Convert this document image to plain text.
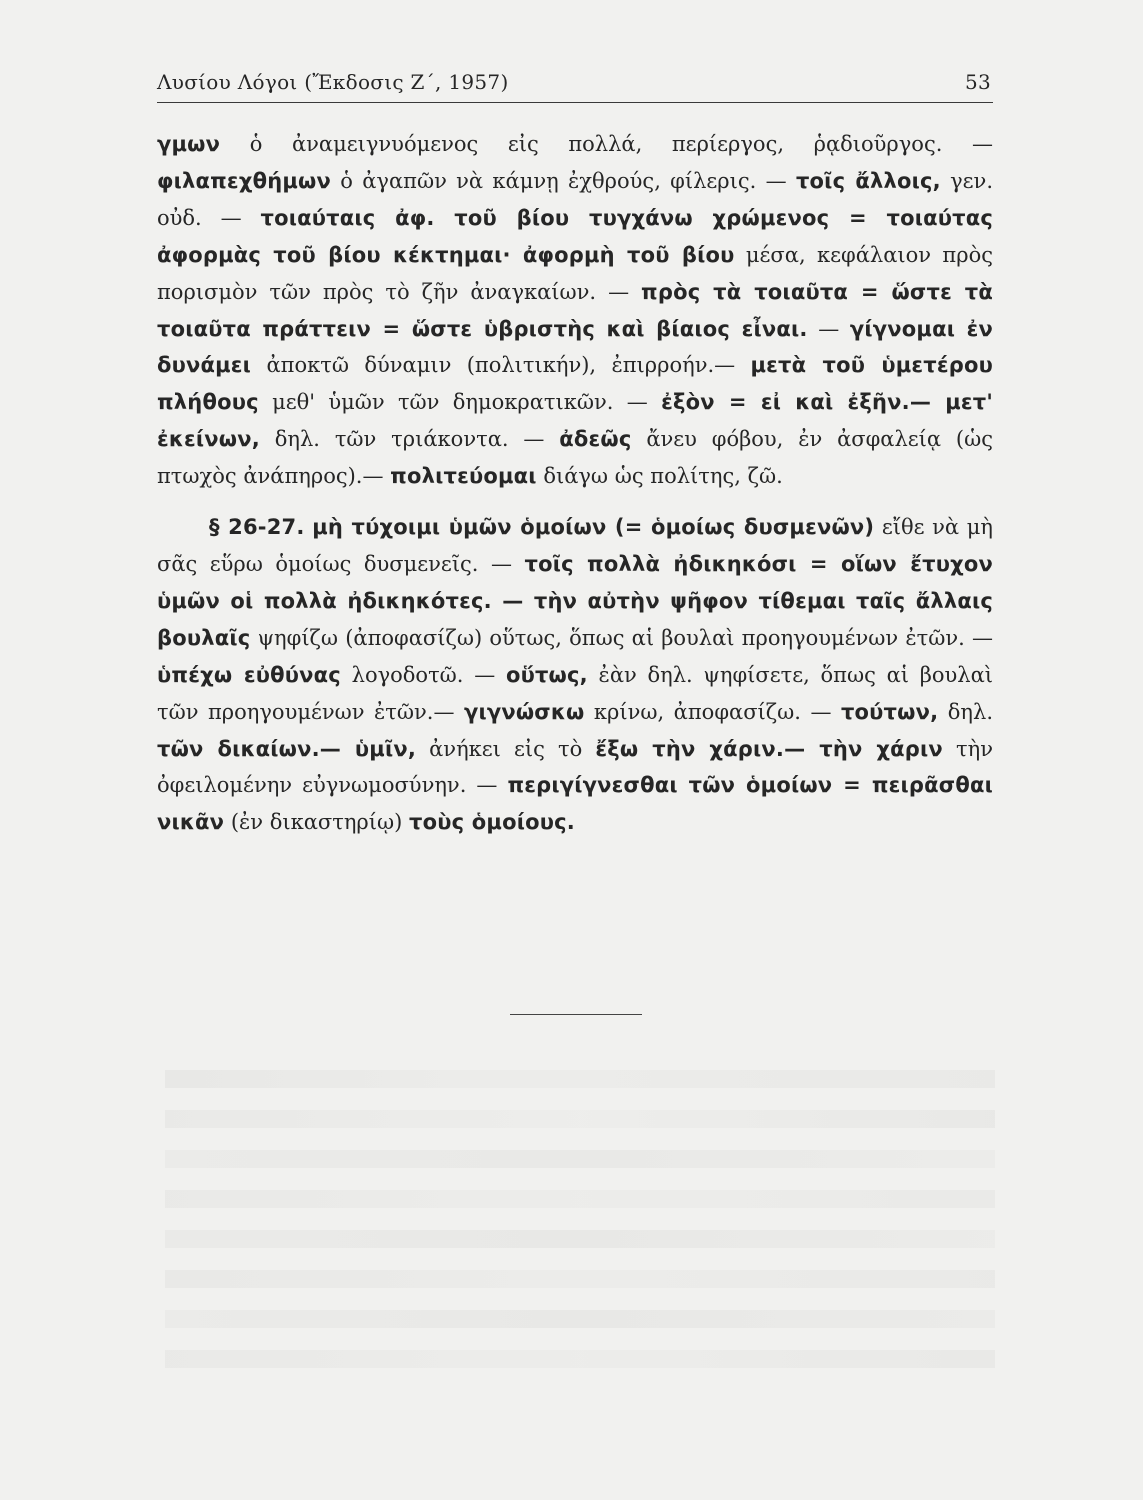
Λυσίου Λόγοι (Ἔκδοσις Ζ΄, 1957)	53

γμων ὁ ἀναμειγνυόμενος εἰς πολλά, περίεργος, ῥᾳδιοῦργος. — φιλαπεχθήμων ὁ ἀγαπῶν νὰ κάμνῃ ἐχθρούς, φίλερις. — τοῖς ἄλλοις, γεν. οὐδ. — τοιαύταις ἀφ. τοῦ βίου τυγχάνω χρώμενος = τοιαύτας ἀφορμὰς τοῦ βίου κέκτημαι· ἀφορμὴ τοῦ βίου μέσα, κεφάλαιον πρὸς πορισμὸν τῶν πρὸς τὸ ζῆν ἀναγκαίων. — πρὸς τὰ τοιαῦτα = ὥστε τὰ τοιαῦτα πράττειν = ὥστε ὑβριστὴς καὶ βίαιος εἶναι. — γίγνομαι ἐν δυνάμει ἀποκτῶ δύναμιν (πολιτικήν), ἐπιρροήν.— μετὰ τοῦ ὑμετέρου πλήθους μεθ' ὑμῶν τῶν δημοκρατικῶν. — ἐξὸν = εἰ καὶ ἐξῆν.— μετ' ἐκείνων, δηλ. τῶν τριάκοντα. — ἀδεῶς ἄνευ φόβου, ἐν ἀσφαλείᾳ (ὡς πτωχὸς ἀνάπηρος).— πολιτεύομαι διάγω ὡς πολίτης, ζῶ.

§ 26-27. μὴ τύχοιμι ὑμῶν ὁμοίων (= ὁμοίως δυσμενῶν) εἴθε νὰ μὴ σᾶς εὕρω ὁμοίως δυσμενεῖς. — τοῖς πολλὰ ἠδικηκόσι = οἵων ἔτυχον ὑμῶν οἱ πολλὰ ἠδικηκότες. — τὴν αὐτὴν ψῆφον τίθεμαι ταῖς ἄλλαις βουλαῖς ψηφίζω (ἀποφασίζω) οὕτως, ὅπως αἱ βουλαὶ προηγουμένων ἐτῶν. — ὑπέχω εὐθύνας λογοδοτῶ. — οὕτως, ἐὰν δηλ. ψηφίσετε, ὅπως αἱ βουλαὶ τῶν προηγουμένων ἐτῶν.— γιγνώσκω κρίνω, ἀποφασίζω. — τούτων, δηλ. τῶν δικαίων.— ὑμῖν, ἀνήκει εἰς τὸ ἔξω τὴν χάριν.— τὴν χάριν τὴν ὀφειλομένην εὐγνωμοσύνην. — περιγίγνεσθαι τῶν ὁμοίων = πειρᾶσθαι νικᾶν (ἐν δικαστηρίῳ) τοὺς ὁμοίους.
